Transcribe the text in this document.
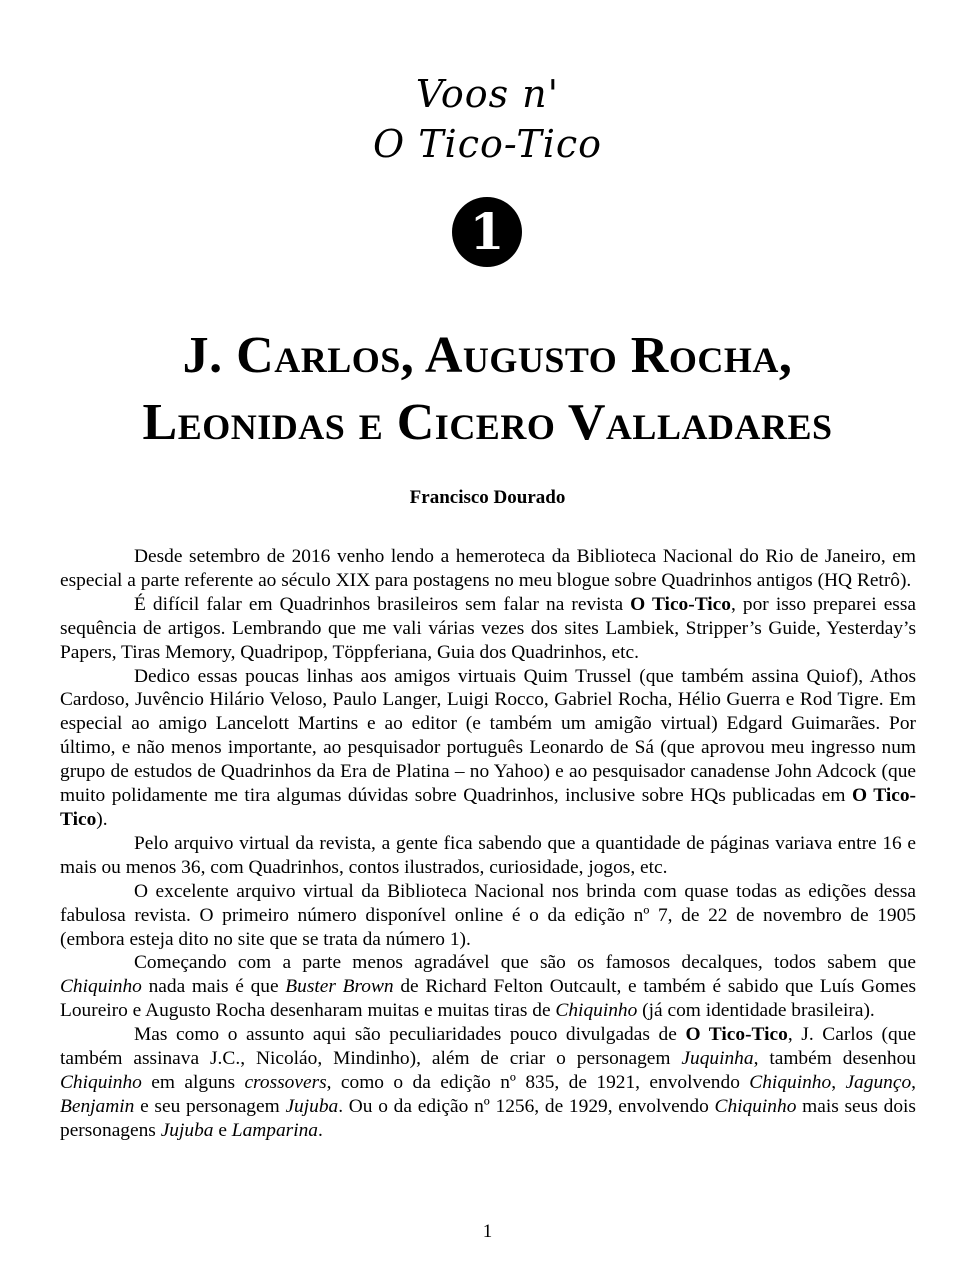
Voos n'
O Tico-Tico
1
J. Carlos, Augusto Rocha,
Leonidas e Cicero Valladares
Francisco Dourado

Desde setembro de 2016 venho lendo a hemeroteca da Biblioteca Nacional do Rio de Janeiro, em especial a parte referente ao século XIX para postagens no meu blogue sobre Quadrinhos antigos (HQ Retrô).

É difícil falar em Quadrinhos brasileiros sem falar na revista O Tico-Tico, por isso preparei essa sequência de artigos. Lembrando que me vali várias vezes dos sites Lambiek, Stripper’s Guide, Yesterday’s Papers, Tiras Memory, Quadripop, Töppferiana, Guia dos Quadrinhos, etc.

Dedico essas poucas linhas aos amigos virtuais Quim Trussel (que também assina Quiof), Athos Cardoso, Juvêncio Hilário Veloso, Paulo Langer, Luigi Rocco, Gabriel Rocha, Hélio Guerra e Rod Tigre. Em especial ao amigo Lancelott Martins e ao editor (e também um amigão virtual) Edgard Guimarães. Por último, e não menos importante, ao pesquisador português Leonardo de Sá (que aprovou meu ingresso num grupo de estudos de Quadrinhos da Era de Platina – no Yahoo) e ao pesquisador canadense John Adcock (que muito polidamente me tira algumas dúvidas sobre Quadrinhos, inclusive sobre HQs publicadas em O Tico-Tico).

Pelo arquivo virtual da revista, a gente fica sabendo que a quantidade de páginas variava entre 16 e mais ou menos 36, com Quadrinhos, contos ilustrados, curiosidade, jogos, etc.

O excelente arquivo virtual da Biblioteca Nacional nos brinda com quase todas as edições dessa fabulosa revista. O primeiro número disponível online é o da edição nº 7, de 22 de novembro de 1905 (embora esteja dito no site que se trata da número 1).

Começando com a parte menos agradável que são os famosos decalques, todos sabem que Chiquinho nada mais é que Buster Brown de Richard Felton Outcault, e também é sabido que Luís Gomes Loureiro e Augusto Rocha desenharam muitas e muitas tiras de Chiquinho (já com identidade brasileira).

Mas como o assunto aqui são peculiaridades pouco divulgadas de O Tico-Tico, J. Carlos (que também assinava J.C., Nicoláo, Mindinho), além de criar o personagem Juquinha, também desenhou Chiquinho em alguns crossovers, como o da edição nº 835, de 1921, envolvendo Chiquinho, Jagunço, Benjamin e seu personagem Jujuba. Ou o da edição nº 1256, de 1929, envolvendo Chiquinho mais seus dois personagens Jujuba e Lamparina.

1
